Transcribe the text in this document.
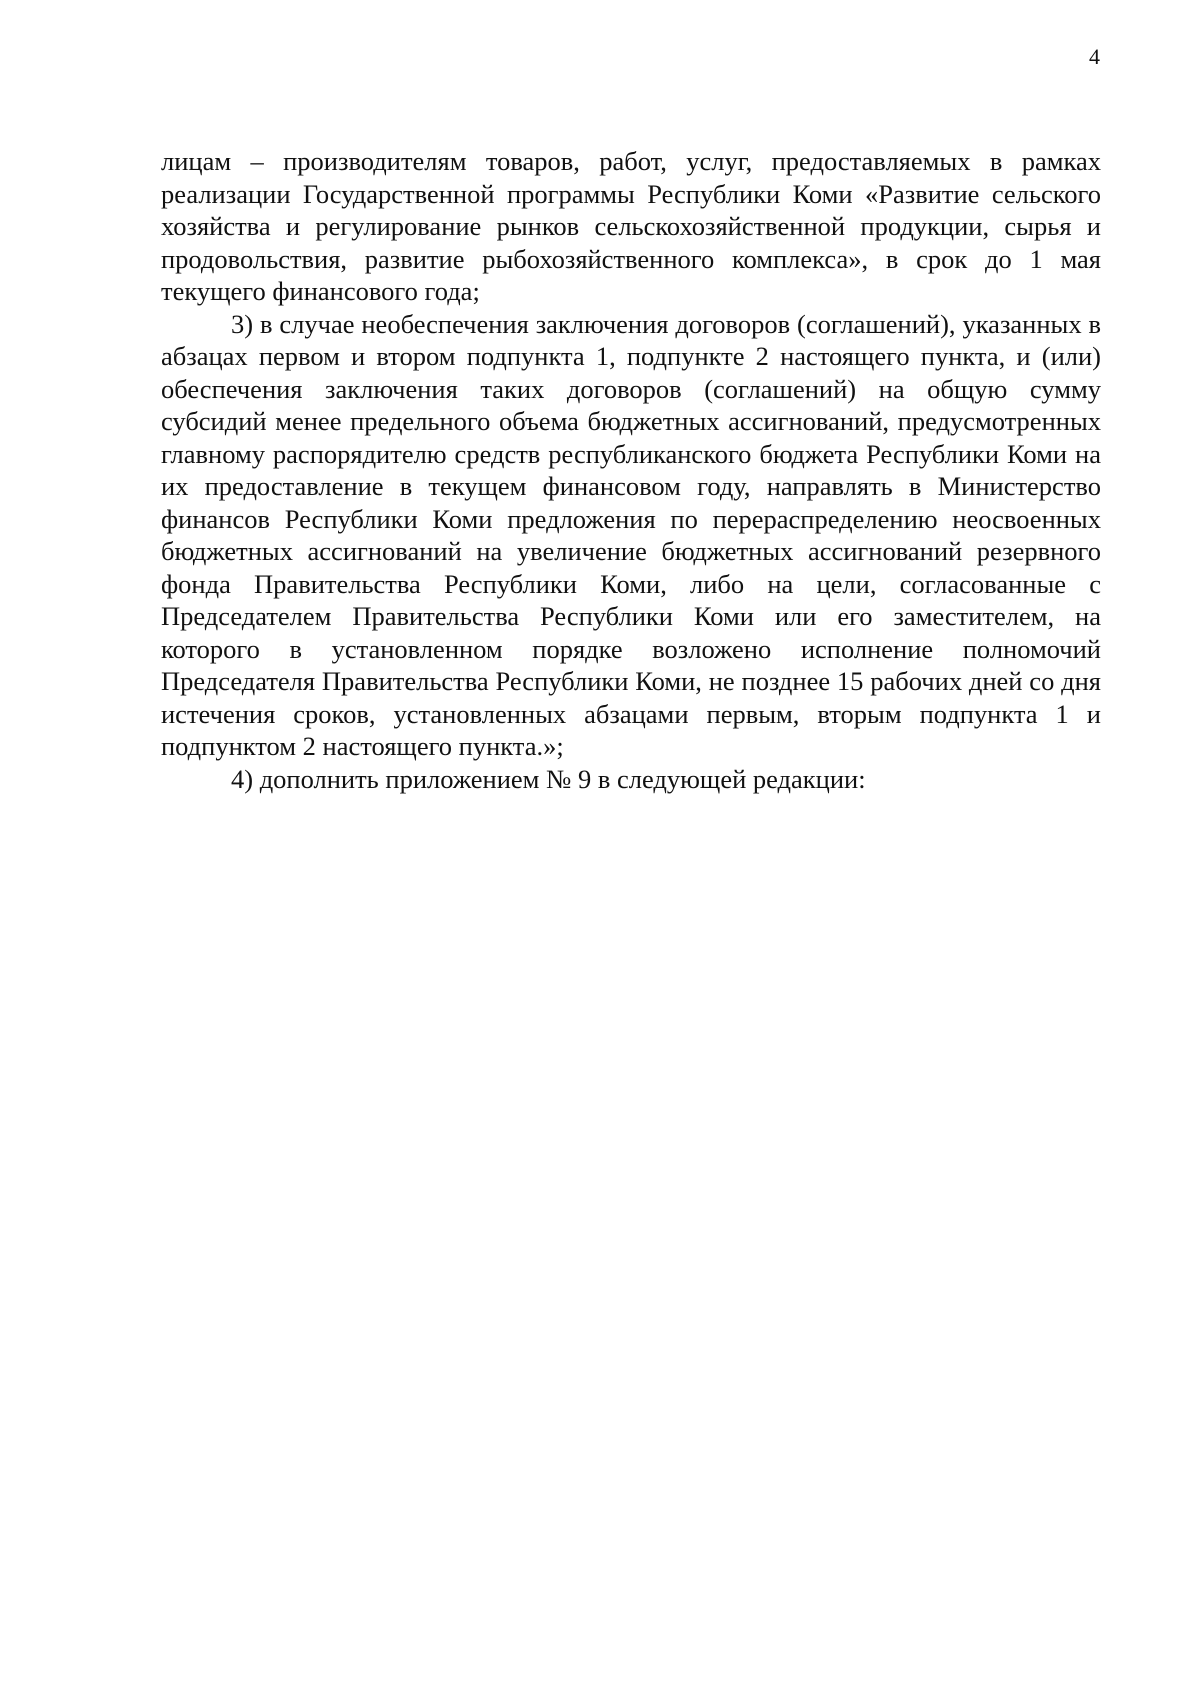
4

лицам – производителям товаров, работ, услуг, предоставляемых в рамках реализации Государственной программы Республики Коми «Развитие сельского хозяйства и регулирование рынков сельскохозяйственной продукции, сырья и продовольствия, развитие рыбохозяйственного комплекса», в срок до 1 мая текущего финансового года;

3) в случае необеспечения заключения договоров (соглашений), указанных в абзацах первом и втором подпункта 1, подпункте 2 настоящего пункта, и (или) обеспечения заключения таких договоров (соглашений) на общую сумму субсидий менее предельного объема бюджетных ассигнований, предусмотренных главному распорядителю средств республиканского бюджета Республики Коми на их предоставление в текущем финансовом году, направлять в Министерство финансов Республики Коми предложения по перераспределению неосвоенных бюджетных ассигнований на увеличение бюджетных ассигнований резервного фонда Правительства Республики Коми, либо на цели, согласованные с Председателем Правительства Республики Коми или его заместителем, на которого в установленном порядке возложено исполнение полномочий Председателя Правительства Республики Коми, не позднее 15 рабочих дней со дня истечения сроков, установленных абзацами первым, вторым подпункта 1 и подпунктом 2 настоящего пункта.»;

4) дополнить приложением № 9 в следующей редакции:
